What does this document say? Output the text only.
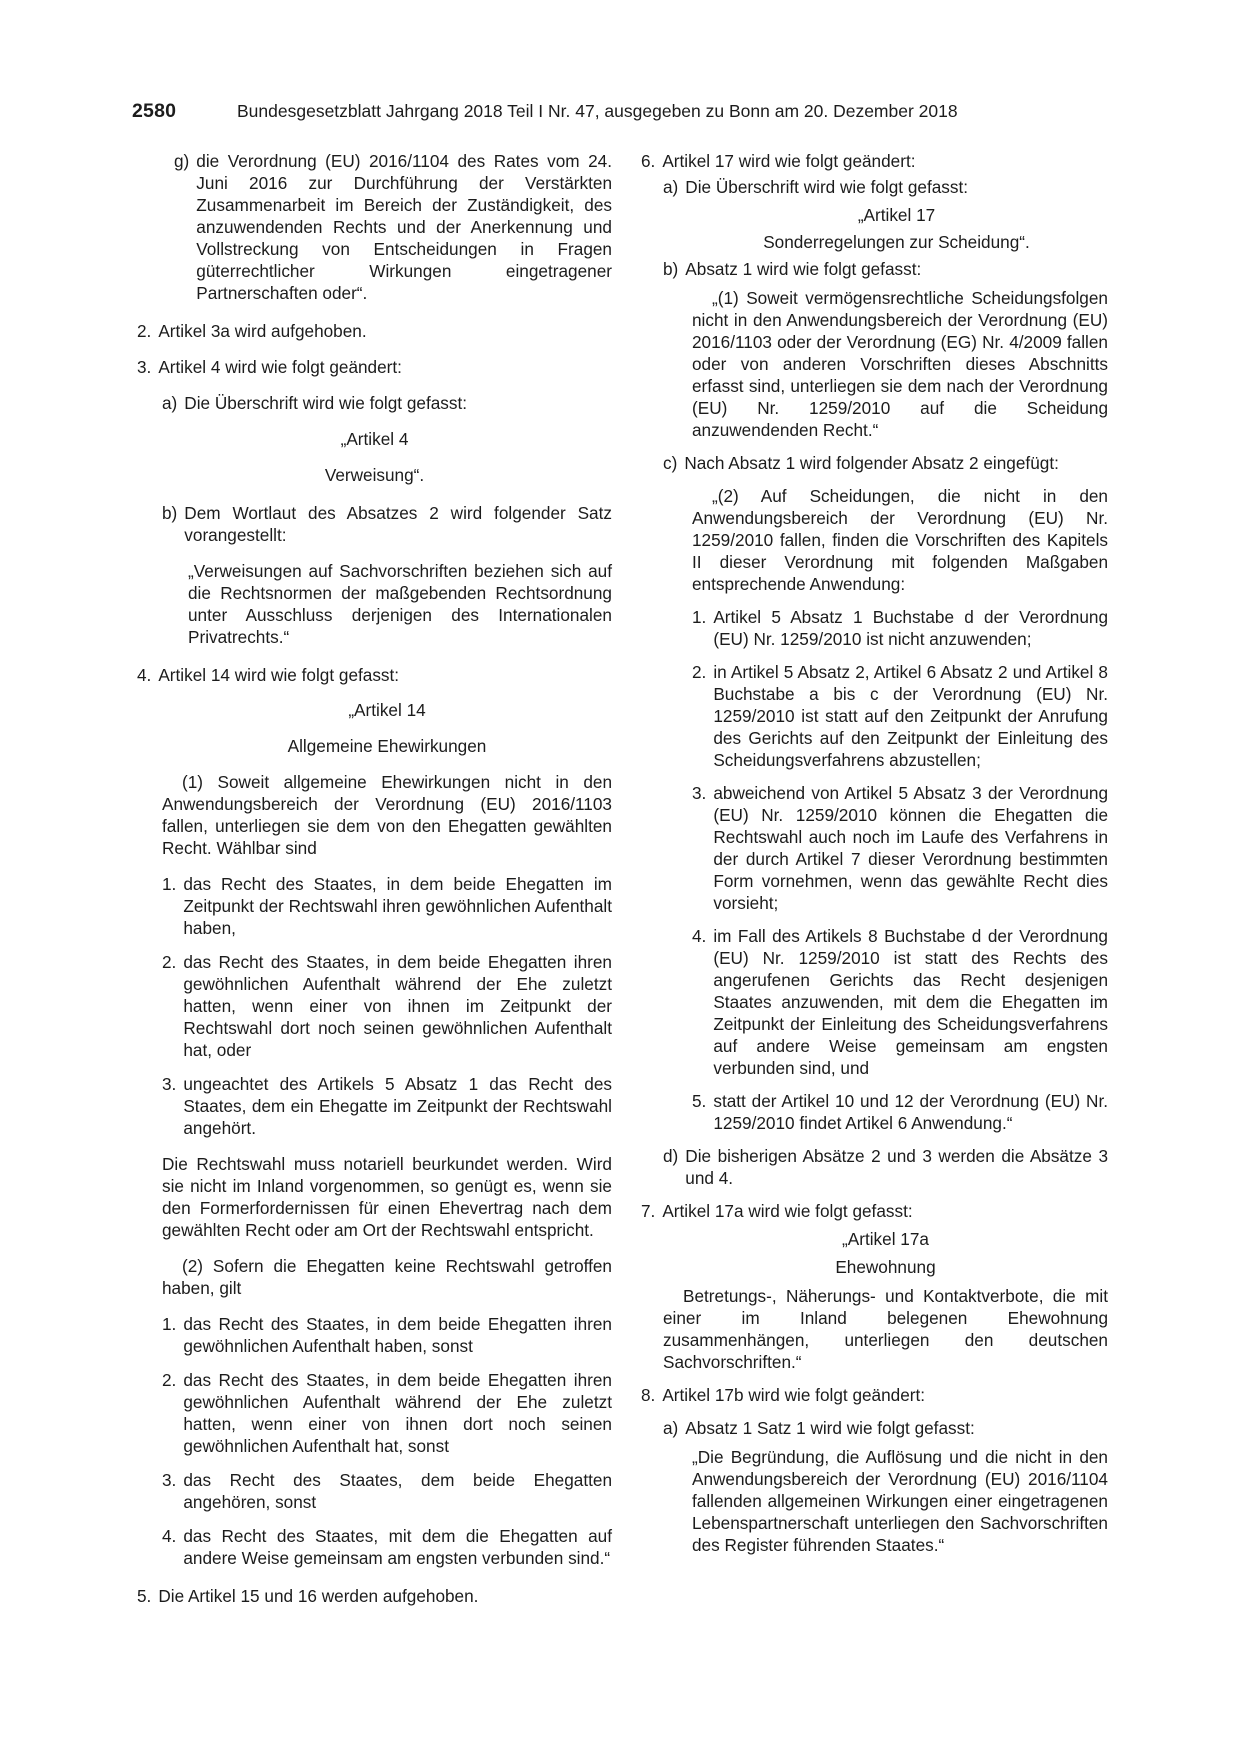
2580	Bundesgesetzblatt Jahrgang 2018 Teil I Nr. 47, ausgegeben zu Bonn am 20. Dezember 2018
g) die Verordnung (EU) 2016/1104 des Rates vom 24. Juni 2016 zur Durchführung der Verstärkten Zusammenarbeit im Bereich der Zuständigkeit, des anzuwendenden Rechts und der Anerkennung und Vollstreckung von Entscheidungen in Fragen güterrechtlicher Wirkungen eingetragener Partnerschaften oder“.
2. Artikel 3a wird aufgehoben.
3. Artikel 4 wird wie folgt geändert:
a) Die Überschrift wird wie folgt gefasst:

„Artikel 4

Verweisung“.

b) Dem Wortlaut des Absatzes 2 wird folgender Satz vorangestellt:

„Verweisungen auf Sachvorschriften beziehen sich auf die Rechtsnormen der maßgebenden Rechtsordnung unter Ausschluss derjenigen des Internationalen Privatrechts.“

4. Artikel 14 wird wie folgt gefasst:

„Artikel 14

Allgemeine Ehewirkungen

(1) Soweit allgemeine Ehewirkungen nicht in den Anwendungsbereich der Verordnung (EU) 2016/1103 fallen, unterliegen sie dem von den Ehegatten gewählten Recht. Wählbar sind

1. das Recht des Staates, in dem beide Ehegatten im Zeitpunkt der Rechtswahl ihren gewöhnlichen Aufenthalt haben,
2. das Recht des Staates, in dem beide Ehegatten ihren gewöhnlichen Aufenthalt während der Ehe zuletzt hatten, wenn einer von ihnen im Zeitpunkt der Rechtswahl dort noch seinen gewöhnlichen Aufenthalt hat, oder
3. ungeachtet des Artikels 5 Absatz 1 das Recht des Staates, dem ein Ehegatte im Zeitpunkt der Rechtswahl angehört.

Die Rechtswahl muss notariell beurkundet werden. Wird sie nicht im Inland vorgenommen, so genügt es, wenn sie den Formerfordernissen für einen Ehevertrag nach dem gewählten Recht oder am Ort der Rechtswahl entspricht.

(2) Sofern die Ehegatten keine Rechtswahl getroffen haben, gilt

1. das Recht des Staates, in dem beide Ehegatten ihren gewöhnlichen Aufenthalt haben, sonst
2. das Recht des Staates, in dem beide Ehegatten ihren gewöhnlichen Aufenthalt während der Ehe zuletzt hatten, wenn einer von ihnen dort noch seinen gewöhnlichen Aufenthalt hat, sonst
3. das Recht des Staates, dem beide Ehegatten angehören, sonst
4. das Recht des Staates, mit dem die Ehegatten auf andere Weise gemeinsam am engsten verbunden sind.“
5. Die Artikel 15 und 16 werden aufgehoben.
6. Artikel 17 wird wie folgt geändert:
a) Die Überschrift wird wie folgt gefasst:

„Artikel 17

Sonderregelungen zur Scheidung“.

b) Absatz 1 wird wie folgt gefasst:

„(1) Soweit vermögensrechtliche Scheidungsfolgen nicht in den Anwendungsbereich der Verordnung (EU) 2016/1103 oder der Verordnung (EG) Nr. 4/2009 fallen oder von anderen Vorschriften dieses Abschnitts erfasst sind, unterliegen sie dem nach der Verordnung (EU) Nr. 1259/2010 auf die Scheidung anzuwendenden Recht.“

c) Nach Absatz 1 wird folgender Absatz 2 eingefügt:

„(2) Auf Scheidungen, die nicht in den Anwendungsbereich der Verordnung (EU) Nr. 1259/2010 fallen, finden die Vorschriften des Kapitels II dieser Verordnung mit folgenden Maßgaben entsprechende Anwendung:

1. Artikel 5 Absatz 1 Buchstabe d der Verordnung (EU) Nr. 1259/2010 ist nicht anzuwenden;
2. in Artikel 5 Absatz 2, Artikel 6 Absatz 2 und Artikel 8 Buchstabe a bis c der Verordnung (EU) Nr. 1259/2010 ist statt auf den Zeitpunkt der Anrufung des Gerichts auf den Zeitpunkt der Einleitung des Scheidungsverfahrens abzustellen;
3. abweichend von Artikel 5 Absatz 3 der Verordnung (EU) Nr. 1259/2010 können die Ehegatten die Rechtswahl auch noch im Laufe des Verfahrens in der durch Artikel 7 dieser Verordnung bestimmten Form vornehmen, wenn das gewählte Recht dies vorsieht;
4. im Fall des Artikels 8 Buchstabe d der Verordnung (EU) Nr. 1259/2010 ist statt des Rechts des angerufenen Gerichts das Recht desjenigen Staates anzuwenden, mit dem die Ehegatten im Zeitpunkt der Einleitung des Scheidungsverfahrens auf andere Weise gemeinsam am engsten verbunden sind, und
5. statt der Artikel 10 und 12 der Verordnung (EU) Nr. 1259/2010 findet Artikel 6 Anwendung.“
d) Die bisherigen Absätze 2 und 3 werden die Absätze 3 und 4.
7. Artikel 17a wird wie folgt gefasst:

„Artikel 17a

Ehewohnung

Betretungs-, Näherungs- und Kontaktverbote, die mit einer im Inland belegenen Ehewohnung zusammenhängen, unterliegen den deutschen Sachvorschriften.“

8. Artikel 17b wird wie folgt geändert:
a) Absatz 1 Satz 1 wird wie folgt gefasst:

„Die Begründung, die Auflösung und die nicht in den Anwendungsbereich der Verordnung (EU) 2016/1104 fallenden allgemeinen Wirkungen einer eingetragenen Lebenspartnerschaft unterliegen den Sachvorschriften des Register führenden Staates.“
